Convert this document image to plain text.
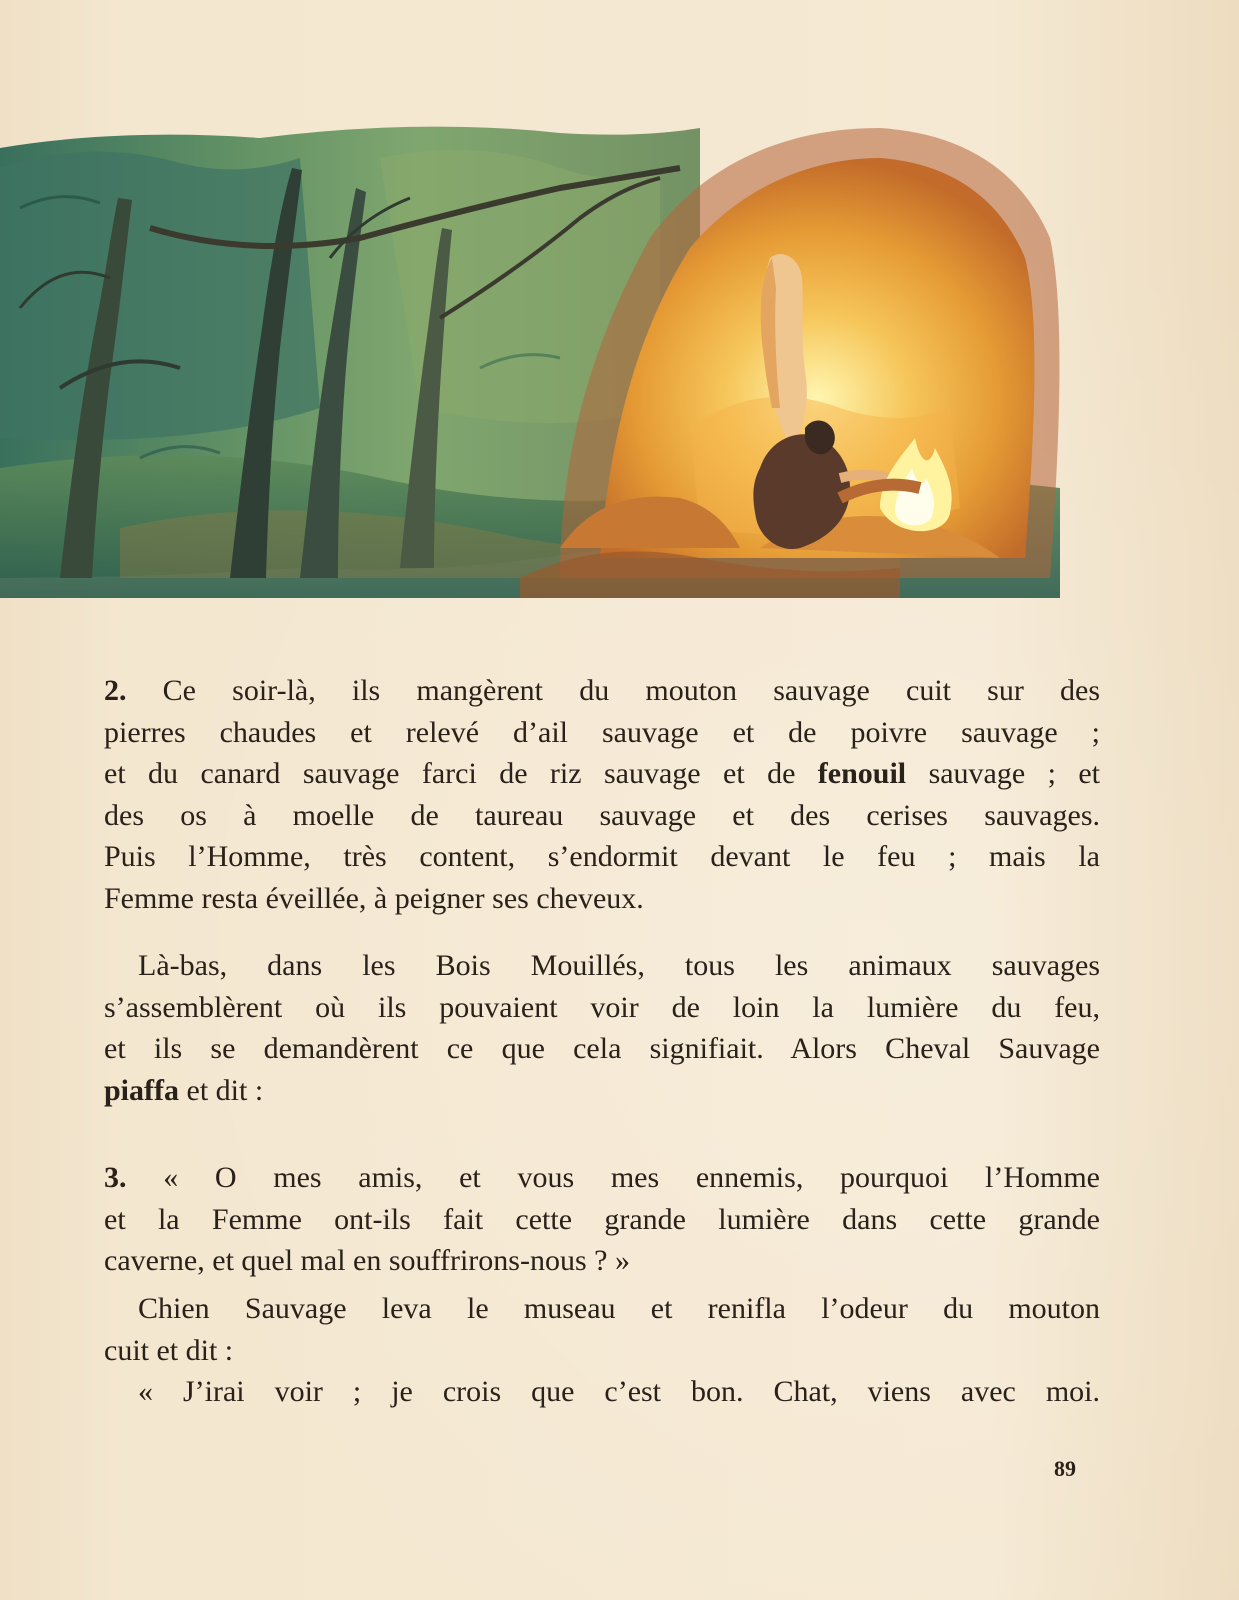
2. Ce soir-là, ils mangèrent du mouton sauvage cuit sur des
pierres chaudes et relevé d’ail sauvage et de poivre sauvage ;
et du canard sauvage farci de riz sauvage et de fenouil sauvage ; et
des os à moelle de taureau sauvage et des cerises sauvages.
Puis l’Homme, très content, s’endormit devant le feu ; mais la
Femme resta éveillée, à peigner ses cheveux.
Là-bas, dans les Bois Mouillés, tous les animaux sauvages
s’assemblèrent où ils pouvaient voir de loin la lumière du feu,
et ils se demandèrent ce que cela signifiait. Alors Cheval Sauvage
piaffa et dit :
3. « O mes amis, et vous mes ennemis, pourquoi l’Homme
et la Femme ont-ils fait cette grande lumière dans cette grande
caverne, et quel mal en souffrirons-nous ? »
Chien Sauvage leva le museau et renifla l’odeur du mouton
cuit et dit :
« J’irai voir ; je crois que c’est bon. Chat, viens avec moi.
89
